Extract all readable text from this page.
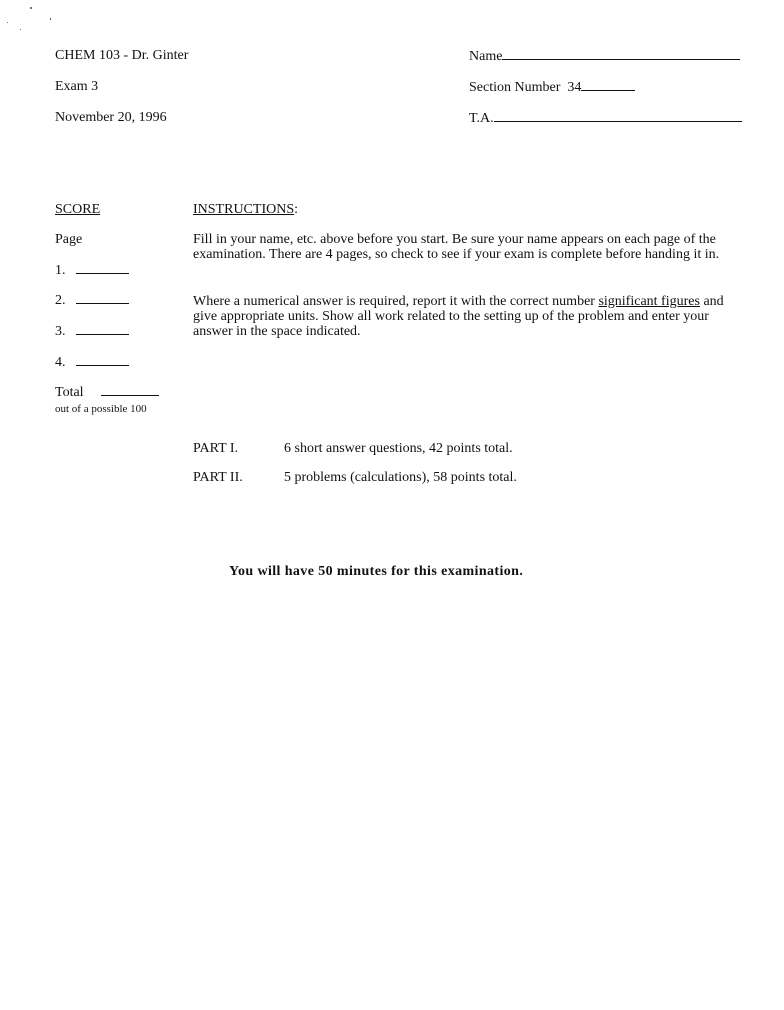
CHEM 103 - Dr. Ginter
Exam 3
November 20, 1996
Name
Section Number 34
T.A.
SCORE
Page
1.
2.
3.
4.
Total
out of a possible 100
INSTRUCTIONS:
Fill in your name, etc. above before you start. Be sure your name appears on each page of the examination. There are 4 pages, so check to see if your exam is complete before handing it in.
Where a numerical answer is required, report it with the correct number significant figures and give appropriate units. Show all work related to the setting up of the problem and enter your answer in the space indicated.
PART I.	6 short answer questions, 42 points total.
PART II.	5 problems (calculations), 58 points total.
You will have 50 minutes for this examination.
